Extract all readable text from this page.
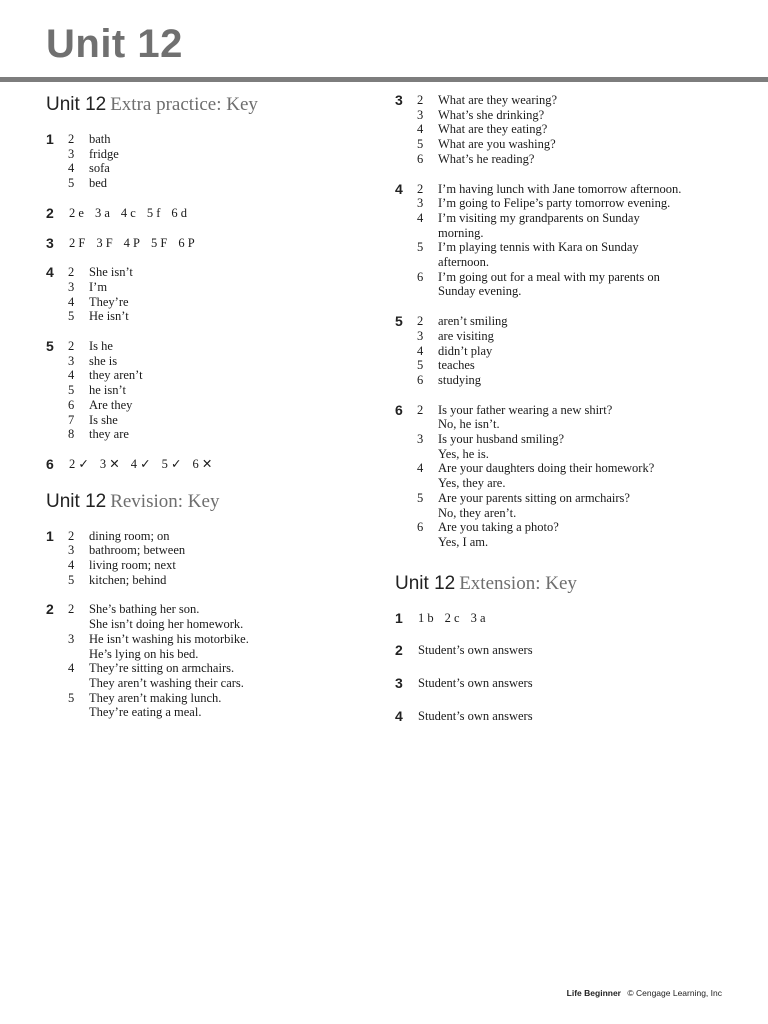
Unit 12
Unit 12 Extra practice: Key
1 2	bath
3	fridge
4	sofa
5	bed
2 2 e 3 a 4 c 5 f 6 d
3 2 F 3 F 4 P 5 F 6 P
4 2	She isn’t
3	I’m
4	They’re
5	He isn’t
5 2	Is he
3	she is
4	they aren’t
5	he isn’t
6	Are they
7	Is she
8	they are
6 2 ✓ 3 ✕ 4 ✓ 5 ✓ 6 ✕
Unit 12 Revision: Key
1 2	dining room; on
3	bathroom; between
4	living room; next
5	kitchen; behind
2 2	She’s bathing her son.
She isn’t doing her homework.
3	He isn’t washing his motorbike.
He’s lying on his bed.
4	They’re sitting on armchairs.
They aren’t washing their cars.
5	They aren’t making lunch.
They’re eating a meal.
3 2	What are they wearing?
3	What’s she drinking?
4	What are they eating?
5	What are you washing?
6	What’s he reading?
4 2	I’m having lunch with Jane tomorrow afternoon.
3	I’m going to Felipe’s party tomorrow evening.
4	I’m visiting my grandparents on Sunday
morning.
5	I’m playing tennis with Kara on Sunday
afternoon.
6	I’m going out for a meal with my parents on
Sunday evening.
5 2	aren’t smiling
3	are visiting
4	didn’t play
5	teaches
6	studying
6 2	Is your father wearing a new shirt?
No, he isn’t.
3	Is your husband smiling?
Yes, he is.
4	Are your daughters doing their homework?
Yes, they are.
5	Are your parents sitting on armchairs?
No, they aren’t.
6	Are you taking a photo?
Yes, I am.
Unit 12 Extension: Key
1 1 b 2 c 3 a
2 Student’s own answers
3 Student’s own answers
4 Student’s own answers
Life Beginner © Cengage Learning, Inc
